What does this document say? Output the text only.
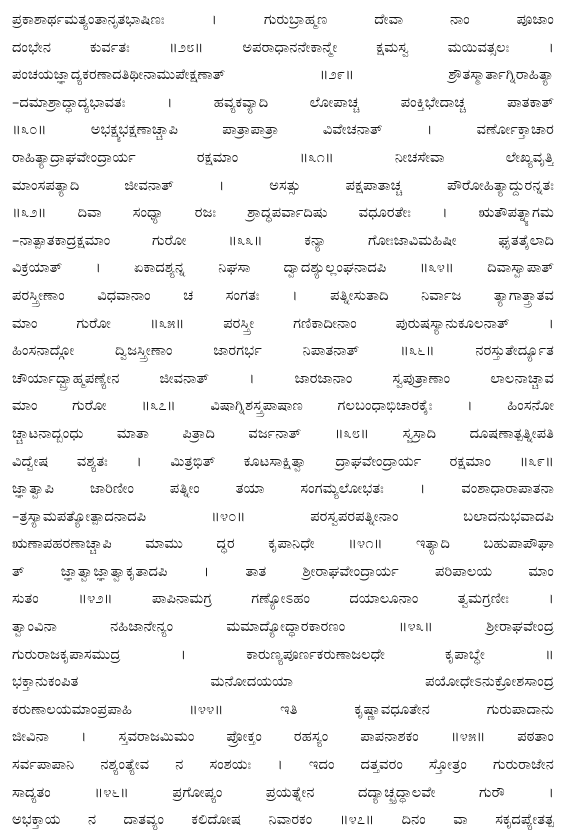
ಪ್ರಕಾಶಾರ್ಥಮತ್ಯಂತಾನೃತಭಾಷಿಣಃ । ಗುರುಬ್ರಾಹ್ಮಣ ದೇವಾ ನಾಂ ಪೂಜಾಂ
ದಂಭೇನ ಕುರ್ವತಃ ॥೨೮॥ ಅಪರಾಧಾನನೇಕಾನ್ಮೇ ಕ್ಷಮಸ್ವ ಮಯಿವತ್ಸಲಃ ।
ಪಂಚಯಜ್ಞಾದ್ಯಕರಣಾದತಿಥೀನಾಮುಪೇಕ್ಷಣಾತ್ ॥೨೯॥ ಶ್ರೌತಸ್ಮಾರ್ತಾಗ್ನಿರಾಹಿತ್ಯಾ
–ದಮಾಶ್ರಾದ್ಧಾದ್ಯಭಾವತಃ । ಹವ್ಯಕವ್ಯಾದಿ ಲೋಪಾಚ್ಚ ಪಂಕ್ತಿಭೇದಾಚ್ಚ ಪಾತಕಾತ್
॥೩೦॥ ಅಭಕ್ಷ್ಯಭಕ್ಷಣಾಚ್ಚಾಪಿ ಪಾತ್ರಾಪಾತ್ರಾ ವಿವೇಚನಾತ್ । ವರ್ಣೋಕ್ತಾಚಾರ
ರಾಹಿತ್ಯಾದ್ರಾಘವೇಂದ್ರಾರ್ಯ ರಕ್ಷಮಾಂ ॥೩೧॥ ನೀಚಸೇವಾ ಲೇಖ್ಯವೃತ್ತಿ
ಮಾಂಸಪತ್ಯಾದಿ ಜೀವನಾತ್ । ಅಸತ್ಸು ಪಕ್ಷಪಾತಾಚ್ಚ ಪೌರೋಹಿತ್ಯಾದ್ದುರನ್ನತಃ
॥೩೨॥ ದಿವಾ ಸಂಧ್ಯಾ ರಜಃ ಶ್ರಾದ್ಧಪರ್ವಾದಿಷು ವಧೂರತೇಃ । ಋತೌಪತ್ನ್ಯಾಗಮ
–ನಾತ್ಪಾತಕಾದ್ರಕ್ಷಮಾಂ ಗುರೋ ॥೩೩॥ ಕನ್ಯಾ ಗೋಃಜಾವಿಮಹಿಷೀ ಘೃತತೈಲಾದಿ
ವಿಕ್ರಯಾತ್ । ಏಕಾದಶ್ಯನ್ನ ನಿಘಸಾ ದ್ವಾದಶ್ಯುಲ್ಲಂಘನಾದಪಿ ॥೩೪॥ ದಿವಾಸ್ವಾಪಾತ್
ಪರಸ್ತ್ರೀಣಾಂ ವಿಧವಾನಾಂ ಚ ಸಂಗತಃ । ಪತ್ನೀಸುತಾದಿ ನಿರ್ವಾಜ ತ್ಯಾಗಾತ್ತ್ರಾತವ
ಮಾಂ ಗುರೋ ॥೩೫॥ ಪರಸ್ತ್ರೀ ಗಣಿಕಾದೀನಾಂ ಪುರುಷಸ್ಯಾನುಕೂಲನಾತ್ ।
ಹಿಂಸನಾದ್ಗೋ ದ್ವಿಜಸ್ತ್ರೀಣಾಂ ಜಾರಗರ್ಭ ನಿಪಾತನಾತ್ ॥೩೬॥ ನರಸ್ತುತೇರ್ದ್ಯೂತ
ಚೌರ್ಯಾದ್ಬ್ರಾಹ್ಮಪಣ್ಯೇನ ಜೀವನಾತ್ । ಜಾರಜಾನಾಂ ಸ್ವಪುತ್ರಾಣಾಂ ಲಾಲನಾಚ್ಚಾವ
ಮಾಂ ಗುರೋ ॥೩೭॥ ವಿಷಾಗ್ನಿಶಸ್ತ್ರಪಾಷಾಣ ಗಲಬಂಧಾಭಿಚಾರಕೈಃ । ಹಿಂಸನೋ
ಚ್ಚಾಟನಾದ್ಬಂಧು ಮಾತಾ ಪಿತ್ರಾದಿ ವರ್ಜನಾತ್ ॥೩೮॥ ಸ್ವಸ್ರಾದಿ ದೂಷಣಾತ್ಪತ್ನೀಪತಿ
ವಿದ್ವೇಷ ವಶ್ಯತಃ । ಮಿತ್ರಭಿತ್ ಕೂಟಸಾಕ್ಷಿತ್ವಾ ದ್ರಾಘವೇಂದ್ರಾರ್ಯ ರಕ್ಷಮಾಂ ॥೩೯॥
ಜ್ಞಾತ್ವಾಪಿ ಜಾರಿಣೀಂ ಪತ್ನೀಂ ತಯಾ ಸಂಗಮ್ಯಲೋಭತಃ । ವಂಶಾಧಾರಾಪಾತನಾ
–ತ್ರಸ್ಯಾಮಪತ್ಯೋತ್ಪಾದನಾದಪಿ ॥೪೦॥ ಪರಸ್ವಪರಪತ್ನೀನಾಂ ಬಲಾದನುಭವಾದಪಿ
ಋಣಾಪಹರಣಾಚ್ಚಾಪಿ ಮಾಮು ದ್ಧರ ಕೃಪಾನಿಧೇ ॥೪೧॥ ಇತ್ಯಾದಿ ಬಹುಪಾಪೌಘಾ
ತ್ ಜ್ಞಾತ್ವಾಜ್ಞಾತ್ವಾಕೃತಾದಪಿ । ತಾತ ಶ್ರೀರಾಘವೇಂದ್ರಾರ್ಯ ಪರಿಪಾಲಯ ಮಾಂ
ಸುತಂ ॥೪೨॥ ಪಾಪಿನಾಮಗ್ರ ಗಣ್ಯೋಽಹಂ ದಯಾಲೂನಾಂ ತ್ವಮಗ್ರಣೀಃ ।
ತ್ವಾಂವಿನಾ ನಹಿಜಾನೇನ್ಯಂ ಮಮಾದ್ಯೋದ್ಧಾರಕಾರಣಂ ॥೪೩॥ ಶ್ರೀರಾಘವೇಂದ್ರ
ಗುರುರಾಜಕೃಪಾಸಮುದ್ರ । ಕಾರುಣ್ಯಪೂರ್ಣಕರುಣಾಜಲಧೇ ಕೃಪಾಬ್ಧೇ ॥
ಭಕ್ತಾನುಕಂಪಿತ ಮನೋದಯಯಾ ಪಯೋಧೇಽನುಕ್ರೋಶಸಾಂದ್ರ
ಕರುಣಾಲಯಮಾಂಪ್ರಪಾಹಿ ॥೪೪॥ ಇತಿ ಕೃಷ್ಣಾವಧೂತೇನ ಗುರುಪಾದಾನು
ಜೀವಿನಾ । ಸ್ತವರಾಜಮಿಮಂ ಪ್ರೋಕ್ತಂ ರಹಸ್ಯಂ ಪಾಪನಾಶಕಂ ॥೪೫॥ ಪಠತಾಂ
ಸರ್ವಪಾಪಾನಿ ನಶ್ಯಂತ್ಯೇವ ನ ಸಂಶಯಃ । ಇದಂ ದತ್ತವರಂ ಸ್ತೋತ್ರಂ ಗುರುರಾಜೇನ
ಸಾದ್ಯತಂ ॥೪೬॥ ಪ್ರಗೋಪ್ಯಂ ಪ್ರಯತ್ನೇನ ದದ್ಯಾಚ್ಛ್ರದ್ಧಾಲವೇ ಗುರೌ ।
ಅಭಕ್ತಾಯ ನ ದಾತವ್ಯಂ ಕಲಿದೋಷ ನಿವಾರಕಂ ॥೪೭॥ ದಿನಂ ವಾ ಸಕೃದಪ್ಯೇತತ್ಪ
